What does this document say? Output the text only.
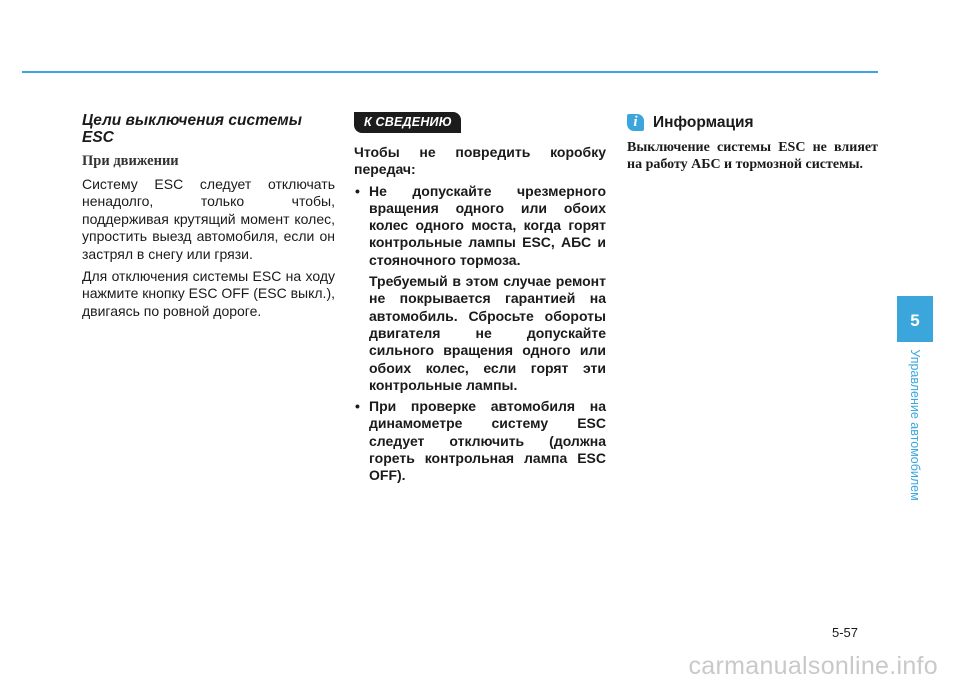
Цели выключения системы ESC
При движении

Систему ESC следует отключать ненадолго, только чтобы, поддерживая крутящий момент колес, упростить выезд автомобиля, если он застрял в снегу или грязи.

Для отключения системы ESC на ходу нажмите кнопку ESC OFF (ESC выкл.), двигаясь по ровной дороге.

К СВЕДЕНИЮ

Чтобы не повредить коробку передач:

• Не допускайте чрезмерного вращения одного или обоих колес одного моста, когда горят контрольные лампы ESC, АБС и стояночного тормоза.

Требуемый в этом случае ремонт не покрывается гарантией на автомобиль. Сбросьте обороты двигателя не допускайте сильного вращения одного или обоих колес, если горят эти контрольные лампы.

• При проверке автомобиля на динамометре систему ESC следует отключить (должна гореть контрольная лампа ESC OFF).
i Информация

Выключение системы ESC не влияет на работу АБС и тормозной системы.

5
Управление автомобилем
5-57
carmanualsonline.info
